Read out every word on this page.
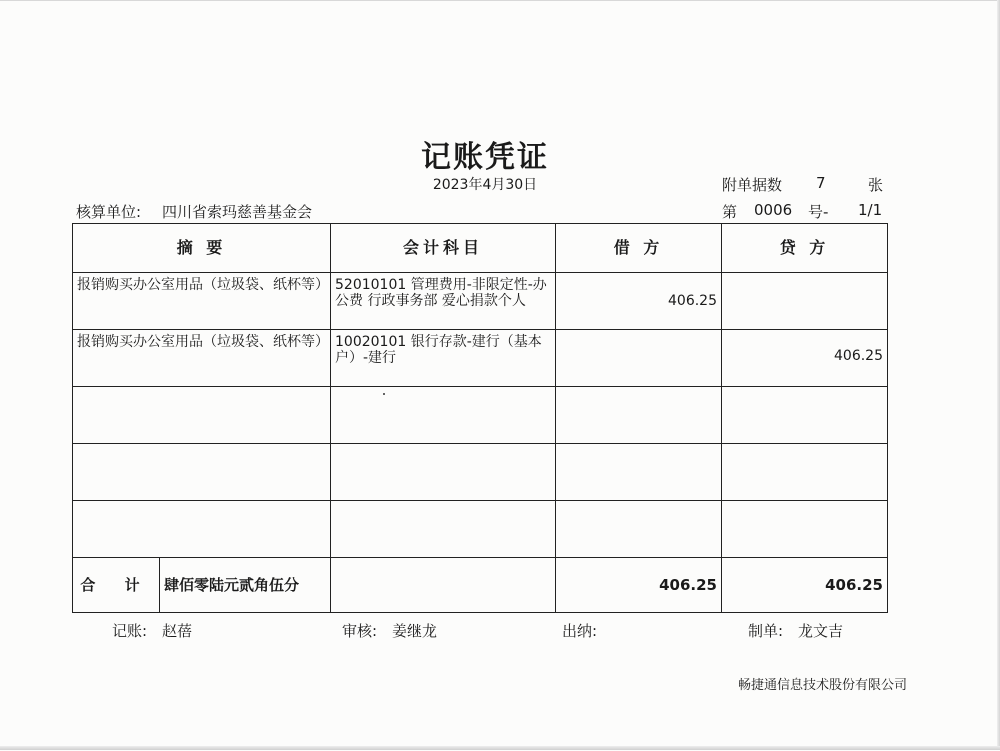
记账凭证
2023年4月30日	附单据数 7	张
核算单位: 四川省索玛慈善基金会	第 0006 号- 1/1
摘 要	会计科目	借 方	贷 方

报销购买办公室用品（垃圾袋、纸杯等）	52010101 管理费用-非限定性-办公费 行政事务部 爱心捐款个人	406.25	

报销购买办公室用品（垃圾袋、纸杯等）	10020101 银行存款-建行（基本户）-建行		406.25

合 计 肆佰零陆元贰角伍分		406.25	406.25
记账: 赵蓓	审核: 姜继龙	出纳:	制单: 龙文吉
畅捷通信息技术股份有限公司
